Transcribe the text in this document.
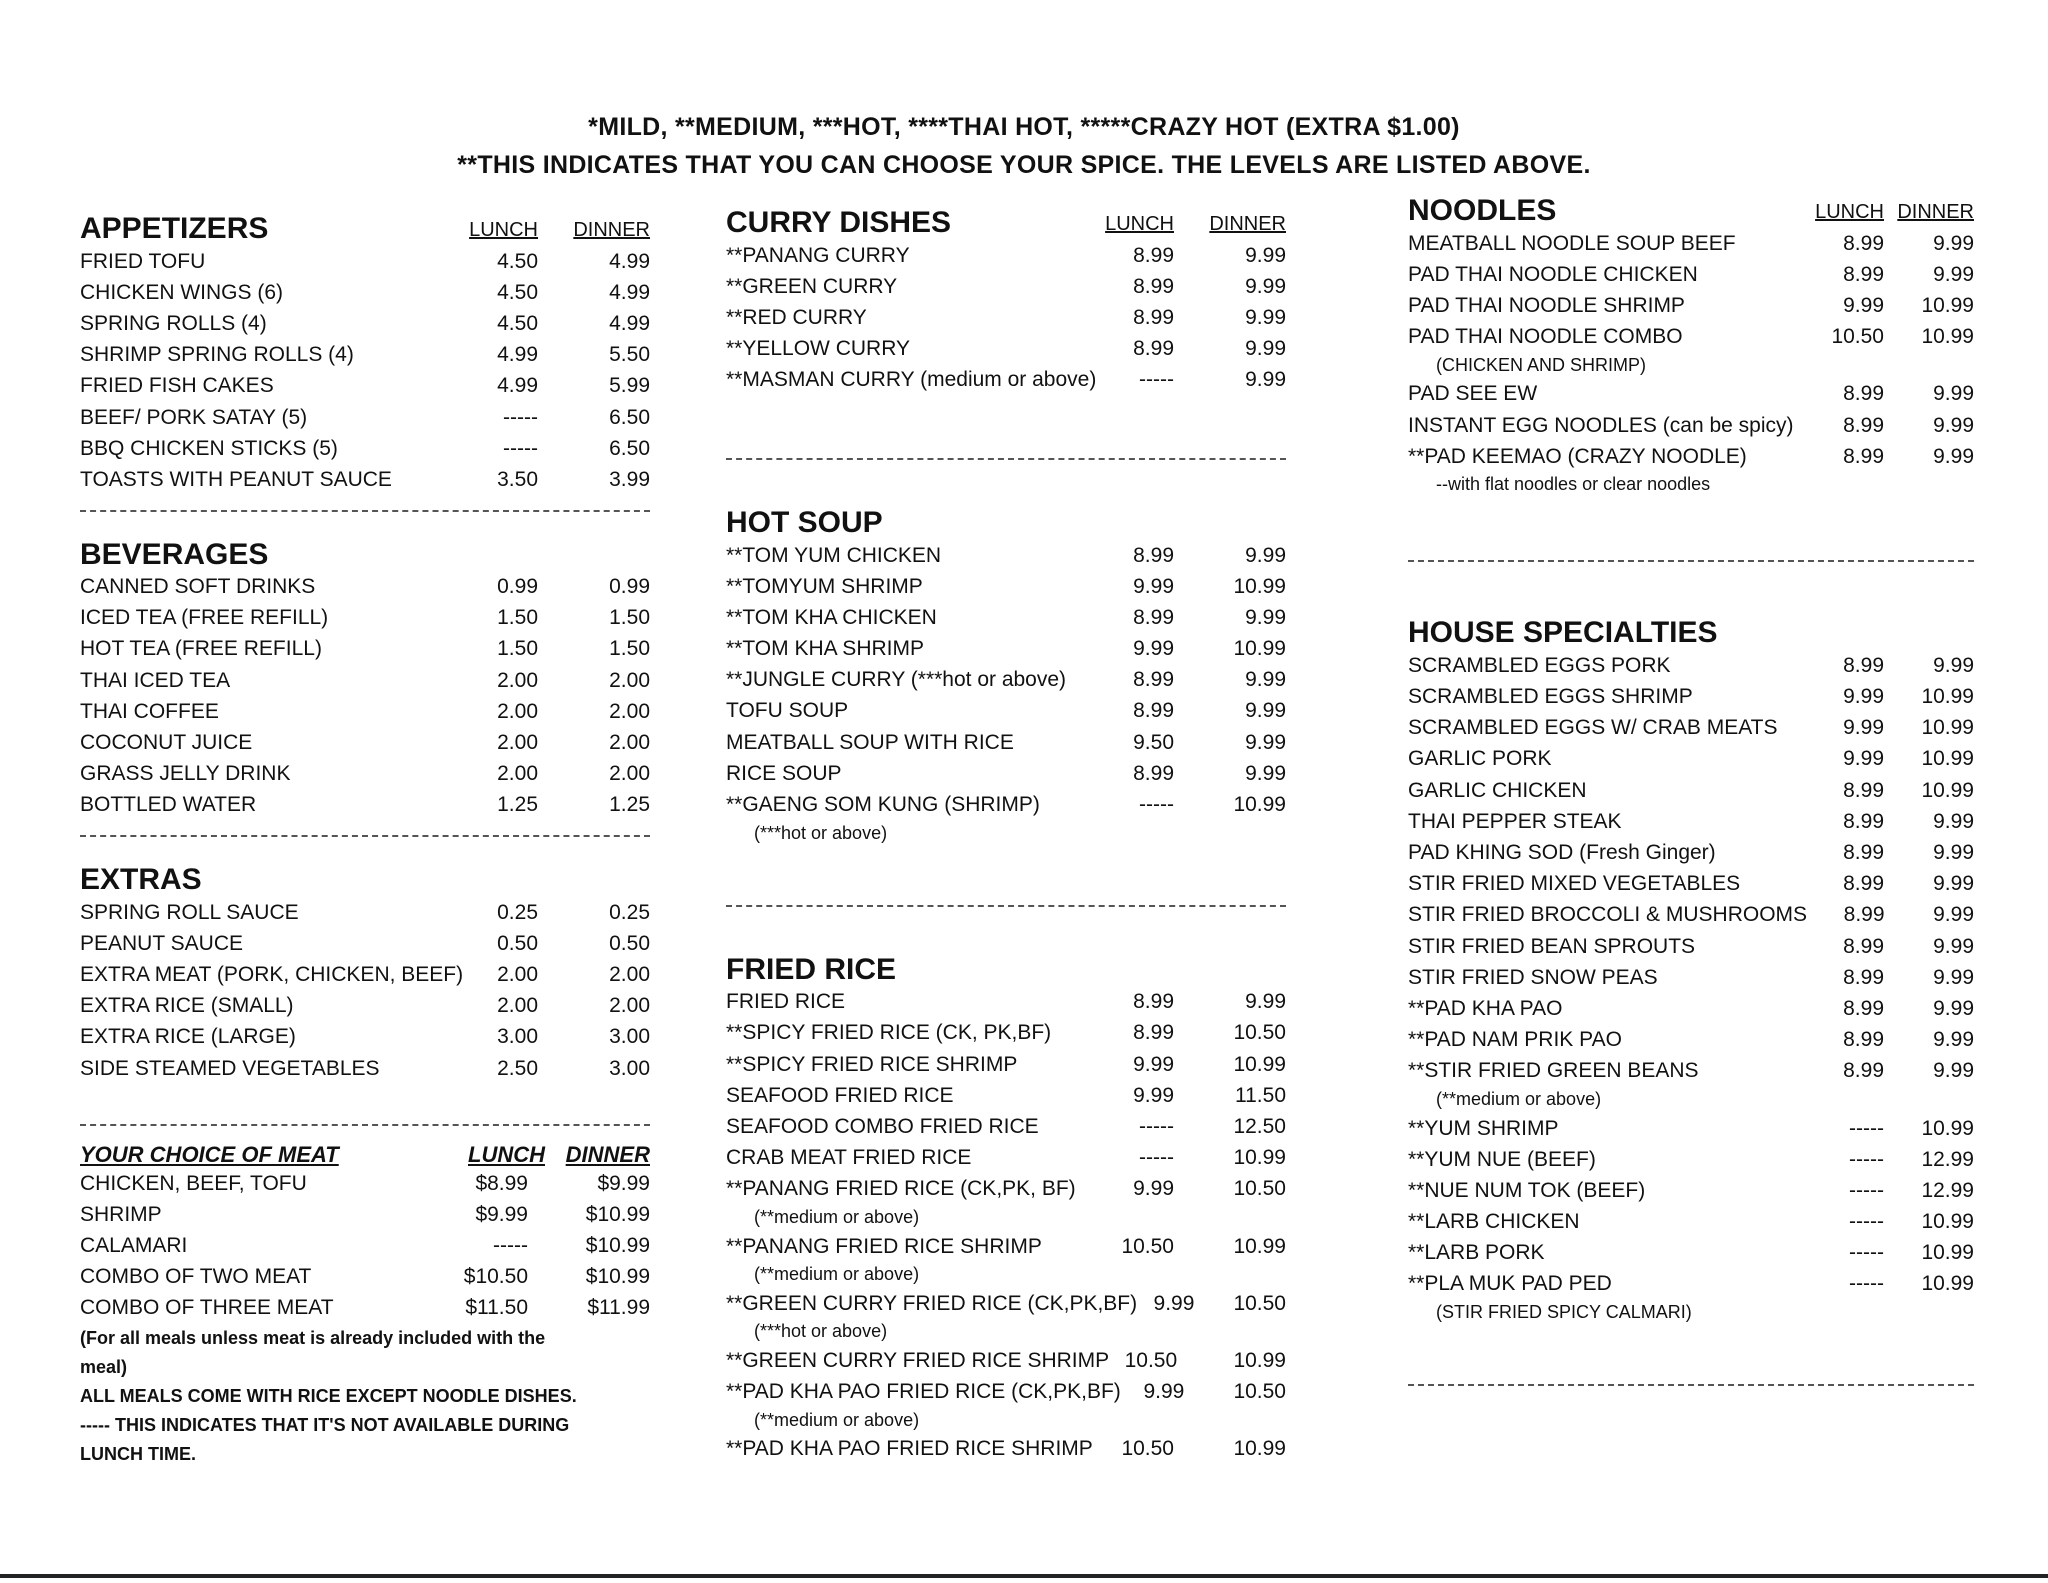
*MILD, **MEDIUM, ***HOT, ****THAI HOT, *****CRAZY HOT (EXTRA $1.00)
**THIS INDICATES THAT YOU CAN CHOOSE YOUR SPICE. THE LEVELS ARE LISTED ABOVE.
APPETIZERS	LUNCH	DINNER
FRIED TOFU	4.50	4.99
CHICKEN WINGS (6)	4.50	4.99
SPRING ROLLS (4)	4.50	4.99
SHRIMP SPRING ROLLS (4)	4.99	5.50
FRIED FISH CAKES	4.99	5.99
BEEF/ PORK SATAY (5)	-----	6.50
BBQ CHICKEN STICKS (5)	-----	6.50
TOASTS WITH PEANUT SAUCE	3.50	3.99
BEVERAGES
CANNED SOFT DRINKS	0.99	0.99
ICED TEA (FREE REFILL)	1.50	1.50
HOT TEA (FREE REFILL)	1.50	1.50
THAI ICED TEA	2.00	2.00
THAI COFFEE	2.00	2.00
COCONUT JUICE	2.00	2.00
GRASS JELLY DRINK	2.00	2.00
BOTTLED WATER	1.25	1.25
EXTRAS
SPRING ROLL SAUCE	0.25	0.25
PEANUT SAUCE	0.50	0.50
EXTRA MEAT (PORK, CHICKEN, BEEF)	2.00	2.00
EXTRA RICE (SMALL)	2.00	2.00
EXTRA RICE (LARGE)	3.00	3.00
SIDE STEAMED VEGETABLES	2.50	3.00
YOUR CHOICE OF MEAT	LUNCH DINNER
CHICKEN, BEEF, TOFU	$8.99	$9.99
SHRIMP	$9.99	$10.99
CALAMARI	-----	$10.99
COMBO OF TWO MEAT	$10.50	$10.99
COMBO OF THREE MEAT	$11.50	$11.99
(For all meals unless meat is already included with the
meal)
ALL MEALS COME WITH RICE EXCEPT NOODLE DISHES.
----- THIS INDICATES THAT IT'S NOT AVAILABLE DURING
LUNCH TIME.
CURRY DISHES	LUNCH	DINNER
**PANANG CURRY	8.99	9.99
**GREEN CURRY	8.99	9.99
**RED CURRY	8.99	9.99
**YELLOW CURRY	8.99	9.99
**MASMAN CURRY (medium or above)	-----	9.99
HOT SOUP
**TOM YUM CHICKEN	8.99	9.99
**TOMYUM SHRIMP	9.99	10.99
**TOM KHA CHICKEN	8.99	9.99
**TOM KHA SHRIMP	9.99	10.99
**JUNGLE CURRY (***hot or above)	8.99	9.99
TOFU SOUP	8.99	9.99
MEATBALL SOUP WITH RICE	9.50	9.99
RICE SOUP	8.99	9.99
**GAENG SOM KUNG (SHRIMP)	-----	10.99
(***hot or above)
FRIED RICE
FRIED RICE	8.99	9.99
**SPICY FRIED RICE (CK, PK,BF)	8.99	10.50
**SPICY FRIED RICE SHRIMP	9.99	10.99
SEAFOOD FRIED RICE	9.99	11.50
SEAFOOD COMBO FRIED RICE	-----	12.50
CRAB MEAT FRIED RICE	-----	10.99
**PANANG FRIED RICE (CK,PK, BF)	9.99	10.50
(**medium or above)
**PANANG FRIED RICE SHRIMP	10.50	10.99
(**medium or above)
**GREEN CURRY FRIED RICE (CK,PK,BF) 9.99	10.50
(***hot or above)
**GREEN CURRY FRIED RICE SHRIMP 10.50	10.99
**PAD KHA PAO FRIED RICE (CK,PK,BF)	9.99	10.50
(**medium or above)
**PAD KHA PAO FRIED RICE SHRIMP	10.50	10.99
NOODLES	LUNCH DINNER
MEATBALL NOODLE SOUP BEEF	8.99	9.99
PAD THAI NOODLE CHICKEN	8.99	9.99
PAD THAI NOODLE SHRIMP	9.99	10.99
PAD THAI NOODLE COMBO	10.50	10.99
(CHICKEN AND SHRIMP)
PAD SEE EW	8.99	9.99
INSTANT EGG NOODLES (can be spicy)	8.99	9.99
**PAD KEEMAO (CRAZY NOODLE)	8.99	9.99
--with flat noodles or clear noodles
HOUSE SPECIALTIES
SCRAMBLED EGGS PORK	8.99	9.99
SCRAMBLED EGGS SHRIMP	9.99	10.99
SCRAMBLED EGGS W/ CRAB MEATS	9.99	10.99
GARLIC PORK	9.99	10.99
GARLIC CHICKEN	8.99	10.99
THAI PEPPER STEAK	8.99	9.99
PAD KHING SOD (Fresh Ginger)	8.99	9.99
STIR FRIED MIXED VEGETABLES	8.99	9.99
STIR FRIED BROCCOLI & MUSHROOMS	8.99	9.99
STIR FRIED BEAN SPROUTS	8.99	9.99
STIR FRIED SNOW PEAS	8.99	9.99
**PAD KHA PAO	8.99	9.99
**PAD NAM PRIK PAO	8.99	9.99
**STIR FRIED GREEN BEANS	8.99	9.99
(**medium or above)
**YUM SHRIMP	-----	10.99
**YUM NUE (BEEF)	-----	12.99
**NUE NUM TOK (BEEF)	-----	12.99
**LARB CHICKEN	-----	10.99
**LARB PORK	-----	10.99
**PLA MUK PAD PED	-----	10.99
(STIR FRIED SPICY CALMARI)
